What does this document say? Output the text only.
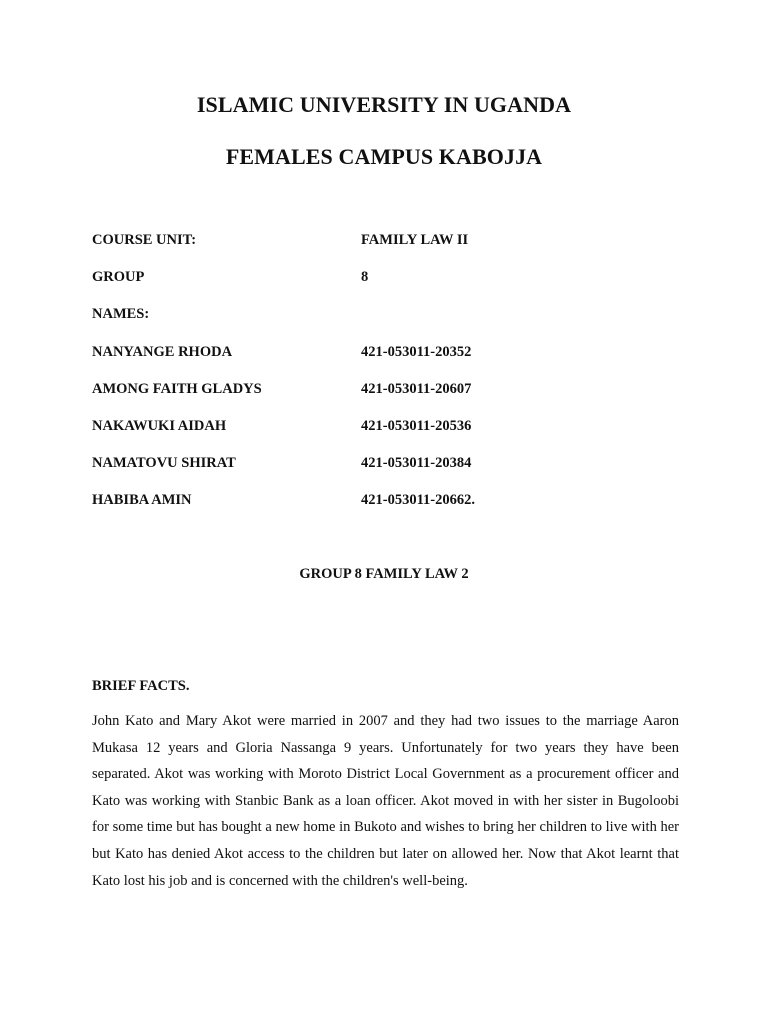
ISLAMIC UNIVERSITY IN UGANDA
FEMALES CAMPUS KABOJJA
COURSE UNIT:	FAMILY LAW II
GROUP	8
NAMES:
NANYANGE RHODA	421-053011-20352
AMONG FAITH GLADYS	421-053011-20607
NAKAWUKI AIDAH	421-053011-20536
NAMATOVU SHIRAT	421-053011-20384
HABIBA AMIN	421-053011-20662.
GROUP 8 FAMILY LAW 2
BRIEF FACTS.
John Kato and Mary Akot were married in 2007 and they had two issues to the marriage Aaron Mukasa 12 years and Gloria Nassanga 9 years. Unfortunately for two years they have been separated. Akot was working with Moroto District Local Government as a procurement officer and Kato was working with Stanbic Bank as a loan officer. Akot moved in with her sister in Bugoloobi for some time but has bought a new home in Bukoto and wishes to bring her children to live with her but Kato has denied Akot access to the children but later on allowed her. Now that Akot learnt that Kato lost his job and is concerned with the children's well-being.
